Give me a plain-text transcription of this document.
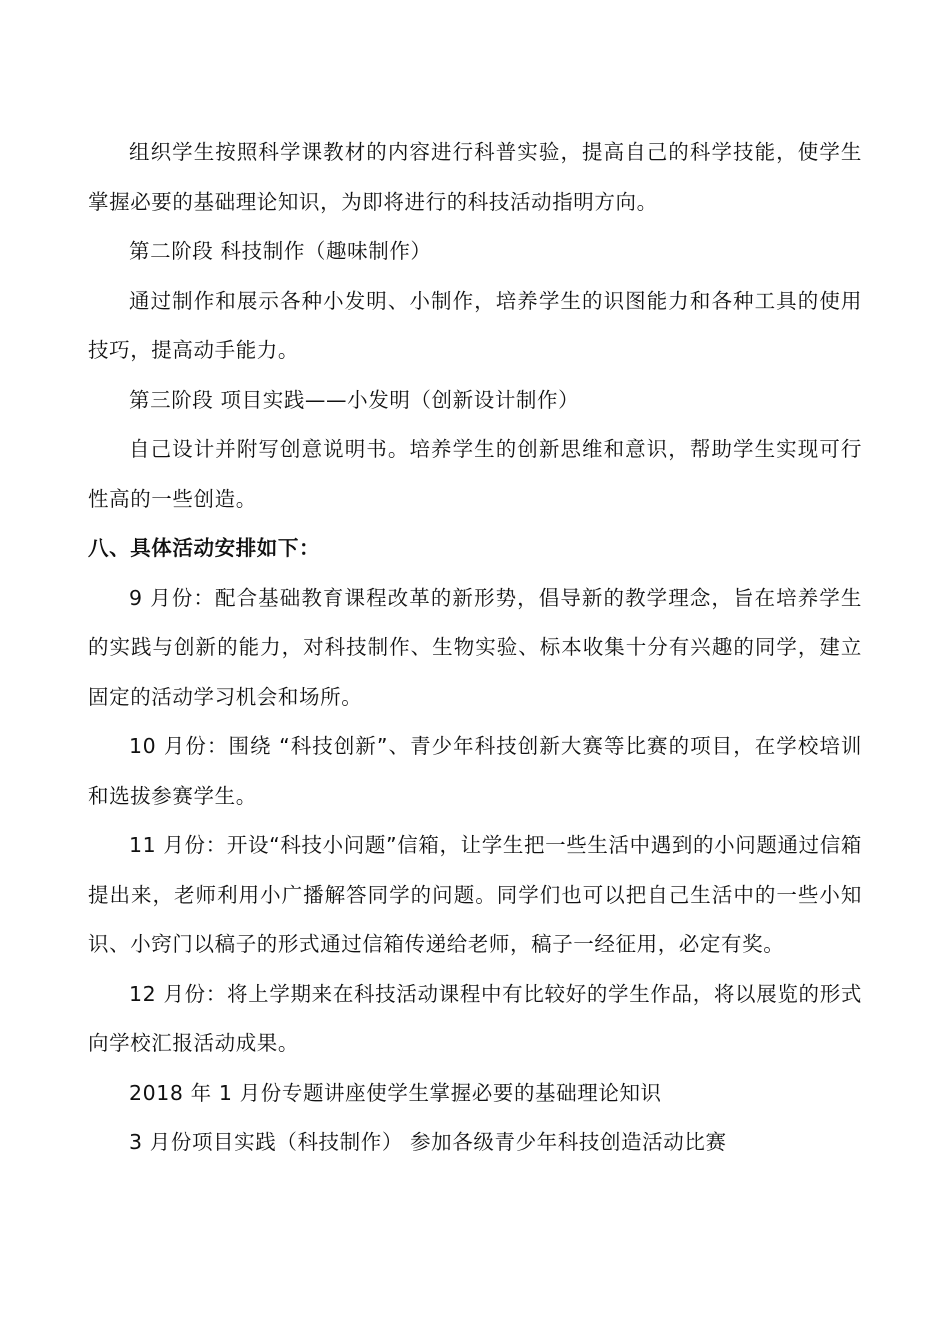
组织学生按照科学课教材的内容进行科普实验，提高自己的科学技能，使学生掌握必要的基础理论知识，为即将进行的科技活动指明方向。

第二阶段 科技制作（趣味制作）

通过制作和展示各种小发明、小制作，培养学生的识图能力和各种工具的使用技巧，提高动手能力。

第三阶段 项目实践——小发明（创新设计制作）

自己设计并附写创意说明书。培养学生的创新思维和意识，帮助学生实现可行性高的一些创造。

八、具体活动安排如下：

9 月份：配合基础教育课程改革的新形势，倡导新的教学理念，旨在培养学生的实践与创新的能力，对科技制作、生物实验、标本收集十分有兴趣的同学，建立固定的活动学习机会和场所。

10 月份：围绕 “科技创新”、青少年科技创新大赛等比赛的项目，在学校培训和选拔参赛学生。

11 月份：开设“科技小问题”信箱，让学生把一些生活中遇到的小问题通过信箱提出来，老师利用小广播解答同学的问题。同学们也可以把自己生活中的一些小知识、小窍门以稿子的形式通过信箱传递给老师，稿子一经征用，必定有奖。

12 月份：将上学期来在科技活动课程中有比较好的学生作品，将以展览的形式向学校汇报活动成果。

2018 年 1 月份专题讲座使学生掌握必要的基础理论知识

3 月份项目实践（科技制作） 参加各级青少年科技创造活动比赛
